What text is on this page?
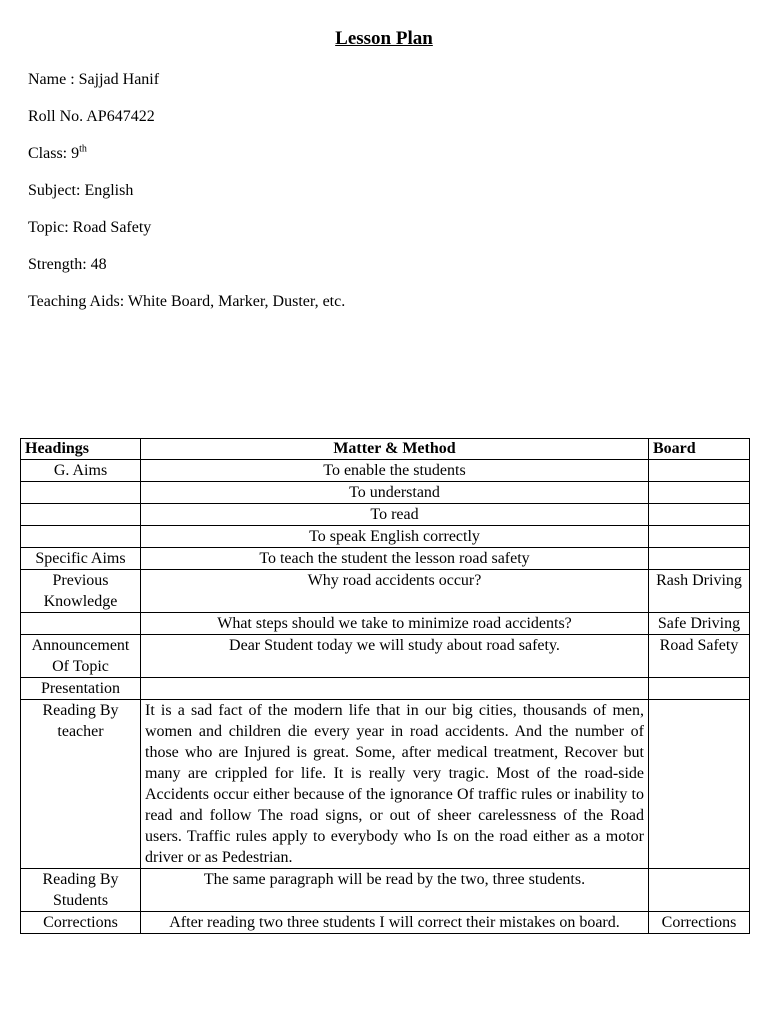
Lesson Plan
Name : Sajjad Hanif
Roll No. AP647422
Class: 9th
Subject: English
Topic: Road Safety
Strength: 48
Teaching Aids: White Board, Marker, Duster, etc.
Headings	Matter & Method	Board
G. Aims	To enable the students	
	To understand	
	To read	
	To speak English correctly	
Specific Aims	To teach the student the lesson road safety	
Previous Knowledge	Why road accidents occur?	Rash Driving
	What steps should we take to minimize road accidents?	Safe Driving
Announcement Of Topic	Dear Student today we will study about road safety.	Road Safety
Presentation		
Reading By teacher	It is a sad fact of the modern life that in our big cities, thousands of men, women and children die every year in road accidents. And the number of those who are Injured is great. Some, after medical treatment, Recover but many are crippled for life. It is really very tragic. Most of the road-side Accidents occur either because of the ignorance Of traffic rules or inability to read and follow The road signs, or out of sheer carelessness of the Road users. Traffic rules apply to everybody who Is on the road either as a motor driver or as Pedestrian.	
Reading By Students	The same paragraph will be read by the two, three students.	
Corrections	After reading two three students I will correct their mistakes on board.	Corrections
